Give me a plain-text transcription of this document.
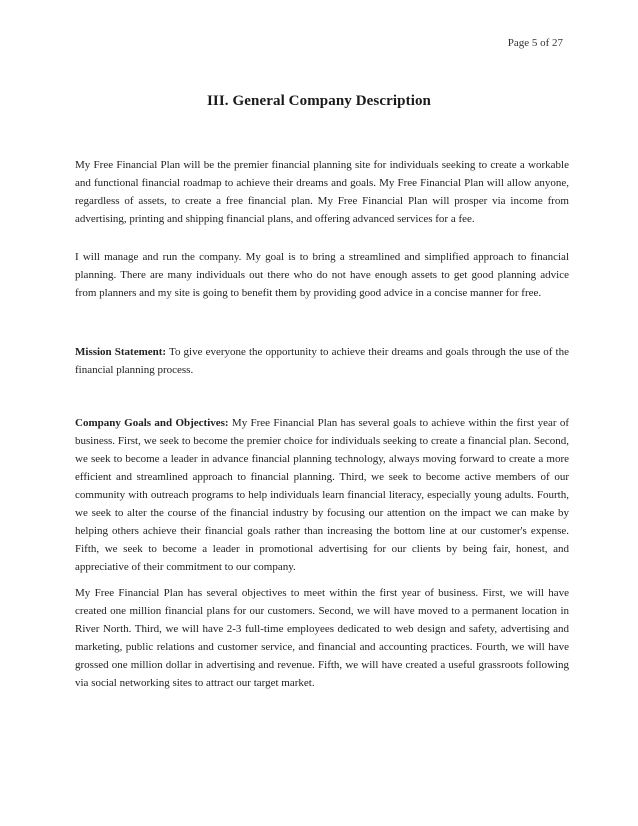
Page 5 of 27
III. General Company Description

My Free Financial Plan will be the premier financial planning site for individuals seeking to create a workable and functional financial roadmap to achieve their dreams and goals. My Free Financial Plan will allow anyone, regardless of assets, to create a free financial plan. My Free Financial Plan will prosper via income from advertising, printing and shipping financial plans, and offering advanced services for a fee.

I will manage and run the company. My goal is to bring a streamlined and simplified approach to financial planning. There are many individuals out there who do not have enough assets to get good planning advice from planners and my site is going to benefit them by providing good advice in a concise manner for free.

Mission Statement: To give everyone the opportunity to achieve their dreams and goals through the use of the financial planning process.

Company Goals and Objectives: My Free Financial Plan has several goals to achieve within the first year of business. First, we seek to become the premier choice for individuals seeking to create a financial plan. Second, we seek to become a leader in advance financial planning technology, always moving forward to create a more efficient and streamlined approach to financial planning. Third, we seek to become active members of our community with outreach programs to help individuals learn financial literacy, especially young adults. Fourth, we seek to alter the course of the financial industry by focusing our attention on the impact we can make by helping others achieve their financial goals rather than increasing the bottom line at our customer's expense. Fifth, we seek to become a leader in promotional advertising for our clients by being fair, honest, and appreciative of their commitment to our company.

My Free Financial Plan has several objectives to meet within the first year of business. First, we will have created one million financial plans for our customers. Second, we will have moved to a permanent location in River North. Third, we will have 2-3 full-time employees dedicated to web design and safety, advertising and marketing, public relations and customer service, and financial and accounting practices. Fourth, we will have grossed one million dollar in advertising and revenue. Fifth, we will have created a useful grassroots following via social networking sites to attract our target market.
